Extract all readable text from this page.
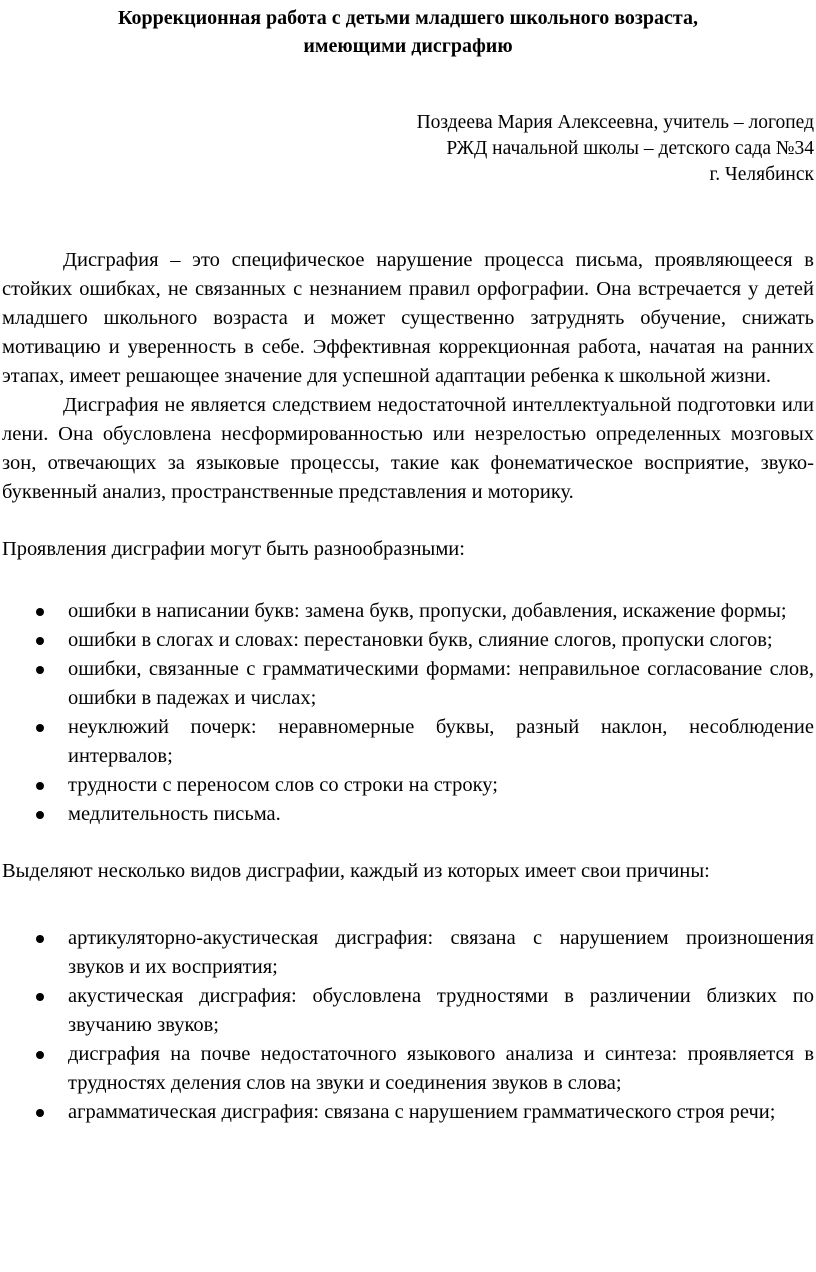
Коррекционная работа с детьми младшего школьного возраста,
имеющими дисграфию
Поздеева Мария Алексеевна, учитель – логопед
РЖД начальной школы – детского сада №34
г. Челябинск

Дисграфия – это специфическое нарушение процесса письма, проявляющееся в стойких ошибках, не связанных с незнанием правил орфографии. Она встречается у детей младшего школьного возраста и может существенно затруднять обучение, снижать мотивацию и уверенность в себе. Эффективная коррекционная работа, начатая на ранних этапах, имеет решающее значение для успешной адаптации ребенка к школьной жизни.

Дисграфия не является следствием недостаточной интеллектуальной подготовки или лени. Она обусловлена несформированностью или незрелостью определенных мозговых зон, отвечающих за языковые процессы, такие как фонематическое восприятие, звуко-буквенный анализ, пространственные представления и моторику.

Проявления дисграфии могут быть разнообразными:

ошибки в написании букв: замена букв, пропуски, добавления, искажение формы;
ошибки в слогах и словах: перестановки букв, слияние слогов, пропуски слогов;
ошибки, связанные с грамматическими формами: неправильное согласование слов, ошибки в падежах и числах;
неуклюжий почерк: неравномерные буквы, разный наклон, несоблюдение интервалов;
трудности с переносом слов со строки на строку;
медлительность письма.

Выделяют несколько видов дисграфии, каждый из которых имеет свои причины:

артикуляторно-акустическая дисграфия: связана с нарушением произношения звуков и их восприятия;
акустическая дисграфия: обусловлена трудностями в различении близких по звучанию звуков;
дисграфия на почве недостаточного языкового анализа и синтеза: проявляется в трудностях деления слов на звуки и соединения звуков в слова;
аграмматическая дисграфия: связана с нарушением грамматического строя речи;
